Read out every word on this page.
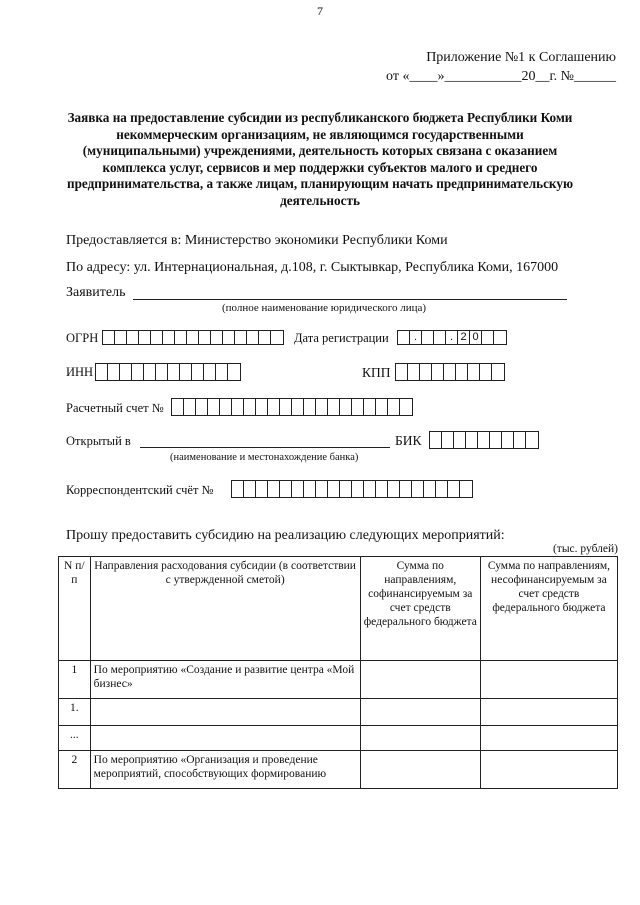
7
Приложение №1 к Соглашению
от «____»___________20__г. №______
Заявка на предоставление субсидии из республиканского бюджета Республики Коми некоммерческим организациям, не являющимся государственными (муниципальными) учреждениями, деятельность которых связана с оказанием комплекса услуг, сервисов и мер поддержки субъектов малого и среднего предпринимательства, а также лицам, планирующим начать предпринимательскую деятельность
Предоставляется в: Министерство экономики Республики Коми
По адресу: ул. Интернациональная, д.108, г. Сыктывкар, Республика Коми, 167000
Заявитель
(полное наименование юридического лица)
ОГРН	Дата регистрации	.	. 2 0
ИНН	КПП
Расчетный счет №
Открытый в
(наименование и местонахождение банка)
БИК
Корреспондентский счёт №
Прошу предоставить субсидию на реализацию следующих мероприятий:
(тыс. рублей)
N п/п	Направления расходования субсидии (в соответствии с утвержденной сметой)	Сумма по направлениям, софинансируемым за счет средств федерального бюджета	Сумма по направлениям, несофинансируемым за счет средств федерального бюджета
1	По мероприятию «Создание и развитие центра «Мой бизнес»		
1.			
...			
2	По мероприятию «Организация и проведение мероприятий, способствующих формированию		
